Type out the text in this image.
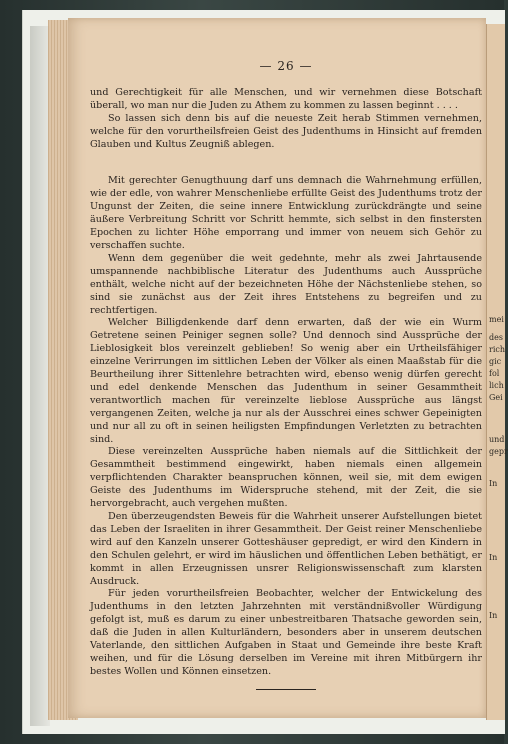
mei
des
rich
gic
fol
lich
Gei
und
gepr
In
In
In
— 26 —

und Gerechtigkeit für alle Menschen, und wir vernehmen diese Botschaft überall, wo man nur die Juden zu Athem zu kommen zu lassen beginnt . . . .

So lassen sich denn bis auf die neueste Zeit herab Stimmen vernehmen, welche für den vorurtheilsfreien Geist des Judenthums in Hinsicht auf fremden Glauben und Kultus Zeugniß ablegen.

Mit gerechter Genugthuung darf uns demnach die Wahrnehmung erfüllen, wie der edle, von wahrer Menschenliebe erfüllte Geist des Judenthums trotz der Ungunst der Zeiten, die seine innere Entwicklung zurückdrängte und seine äußere Verbreitung Schritt vor Schritt hemmte, sich selbst in den finstersten Epochen zu lichter Höhe emporrang und immer von neuem sich Gehör zu verschaffen suchte.

Wenn dem gegenüber die weit gedehnte, mehr als zwei Jahrtausende umspannende nachbiblische Literatur des Judenthums auch Aussprüche enthält, welche nicht auf der bezeichneten Höhe der Nächstenliebe stehen, so sind sie zunächst aus der Zeit ihres Entstehens zu begreifen und zu rechtfertigen.

Welcher Billigdenkende darf denn erwarten, daß der wie ein Wurm Getretene seinen Peiniger segnen solle? Und dennoch sind Aussprüche der Lieblosigkeit blos vereinzelt geblieben! So wenig aber ein Urtheilsfähiger einzelne Verirrungen im sittlichen Leben der Völker als einen Maaßstab für die Beurtheilung ihrer Sittenlehre betrachten wird, ebenso wenig dürfen gerecht und edel denkende Menschen das Judenthum in seiner Gesammtheit verantwortlich machen für vereinzelte lieblose Aussprüche aus längst vergangenen Zeiten, welche ja nur als der Ausschrei eines schwer Gepeinigten und nur all zu oft in seinen heiligsten Empfindungen Verletzten zu betrachten sind.

Diese vereinzelten Aussprüche haben niemals auf die Sittlichkeit der Gesammtheit bestimmend eingewirkt, haben niemals einen allgemein verpflichtenden Charakter beanspruchen können, weil sie, mit dem ewigen Geiste des Judenthums im Widerspruche stehend, mit der Zeit, die sie hervorgebracht, auch vergehen mußten.

Den überzeugendsten Beweis für die Wahrheit unserer Aufstellungen bietet das Leben der Israeliten in ihrer Gesammtheit. Der Geist reiner Menschenliebe wird auf den Kanzeln unserer Gotteshäuser gepredigt, er wird den Kindern in den Schulen gelehrt, er wird im häuslichen und öffentlichen Leben bethätigt, er kommt in allen Erzeugnissen unsrer Religionswissenschaft zum klarsten Ausdruck.

Für jeden vorurtheilsfreien Beobachter, welcher der Entwickelung des Judenthums in den letzten Jahrzehnten mit verständnißvoller Würdigung gefolgt ist, muß es darum zu einer unbestreitbaren Thatsache geworden sein, daß die Juden in allen Kulturländern, besonders aber in unserem deutschen Vaterlande, den sittlichen Aufgaben in Staat und Gemeinde ihre beste Kraft weihen, und für die Lösung derselben im Vereine mit ihren Mitbürgern ihr bestes Wollen und Können einsetzen.
